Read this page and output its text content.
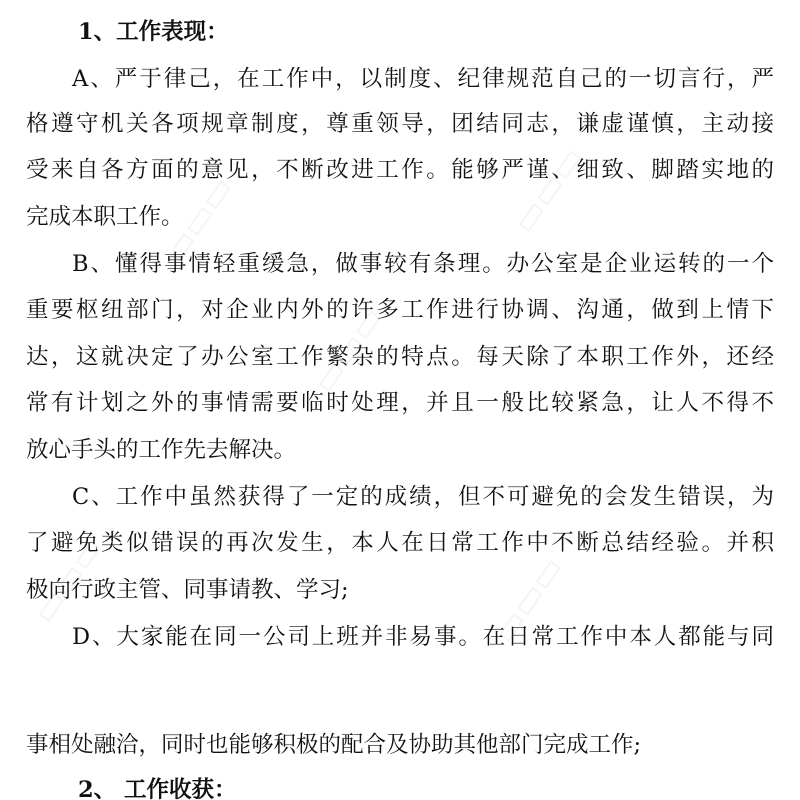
1、工作表现：

A、严于律己，在工作中，以制度、纪律规范自己的一切言行，严

格遵守机关各项规章制度，尊重领导，团结同志，谦虚谨慎，主动接

受来自各方面的意见，不断改进工作。能够严谨、细致、脚踏实地的

完成本职工作。

B、懂得事情轻重缓急，做事较有条理。办公室是企业运转的一个

重要枢纽部门，对企业内外的许多工作进行协调、沟通，做到上情下

达，这就决定了办公室工作繁杂的特点。每天除了本职工作外，还经

常有计划之外的事情需要临时处理，并且一般比较紧急，让人不得不

放心手头的工作先去解决。

C、工作中虽然获得了一定的成绩，但不可避免的会发生错误，为

了避免类似错误的再次发生，本人在日常工作中不断总结经验。并积

极向行政主管、同事请教、学习;

D、大家能在同一公司上班并非易事。在日常工作中本人都能与同

事相处融洽，同时也能够积极的配合及协助其他部门完成工作;

2、 工作收获：

▭▭▭	▭▭▭
▭▭▭
▭▭▭
▭▭▭
